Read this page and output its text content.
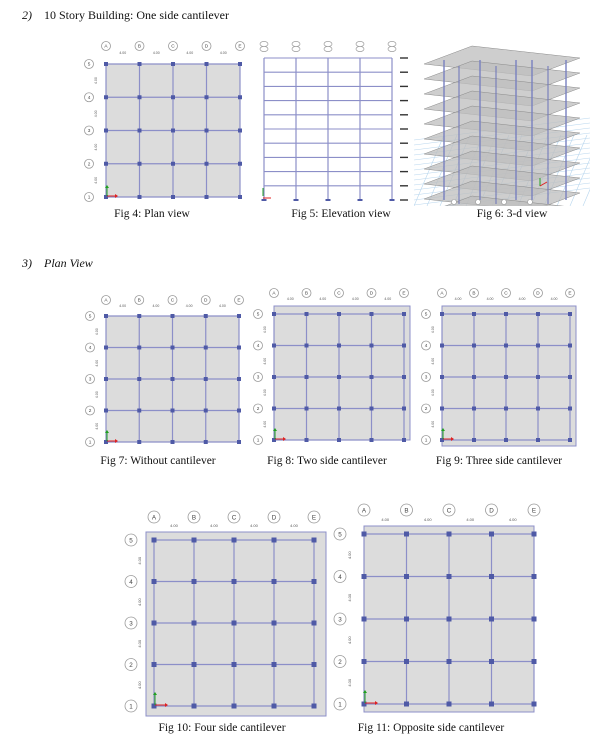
2) 10 Story Building: One side cantilever
3) Plan View
A	B	C	D	E
5
4
3
2
1
4.00	4.00	4.00	4.00
4.00
4.00
4.00
4.00
A	B	C	D	E
5
4
3
2
1
4.00	4.00	4.00	4.00
4.00
4.00
4.00
4.00
A	B	C	D	E
5
4
3
2
1
4.00	4.00	4.00	4.00
4.00
4.00
4.00
4.00
A	B	C	D	E
5
4
3
2
1
4.00	4.00	4.00	4.00
4.00
4.00
4.00
4.00
A	B	C	D	E
5
4
3
2
1
4.00	4.00	4.00	4.00
4.00
4.00
4.00
4.00
A	B	C	D	E
5
4
3
2
1
4.00	4.00	4.00	4.00
4.00
4.00
4.00
4.00
Fig 4: Plan view	Fig 5: Elevation view	Fig 6: 3-d view
Fig 7: Without cantilever	Fig 8: Two side cantilever	Fig 9: Three side cantilever
Fig 10: Four side cantilever	Fig 11: Opposite side cantilever
